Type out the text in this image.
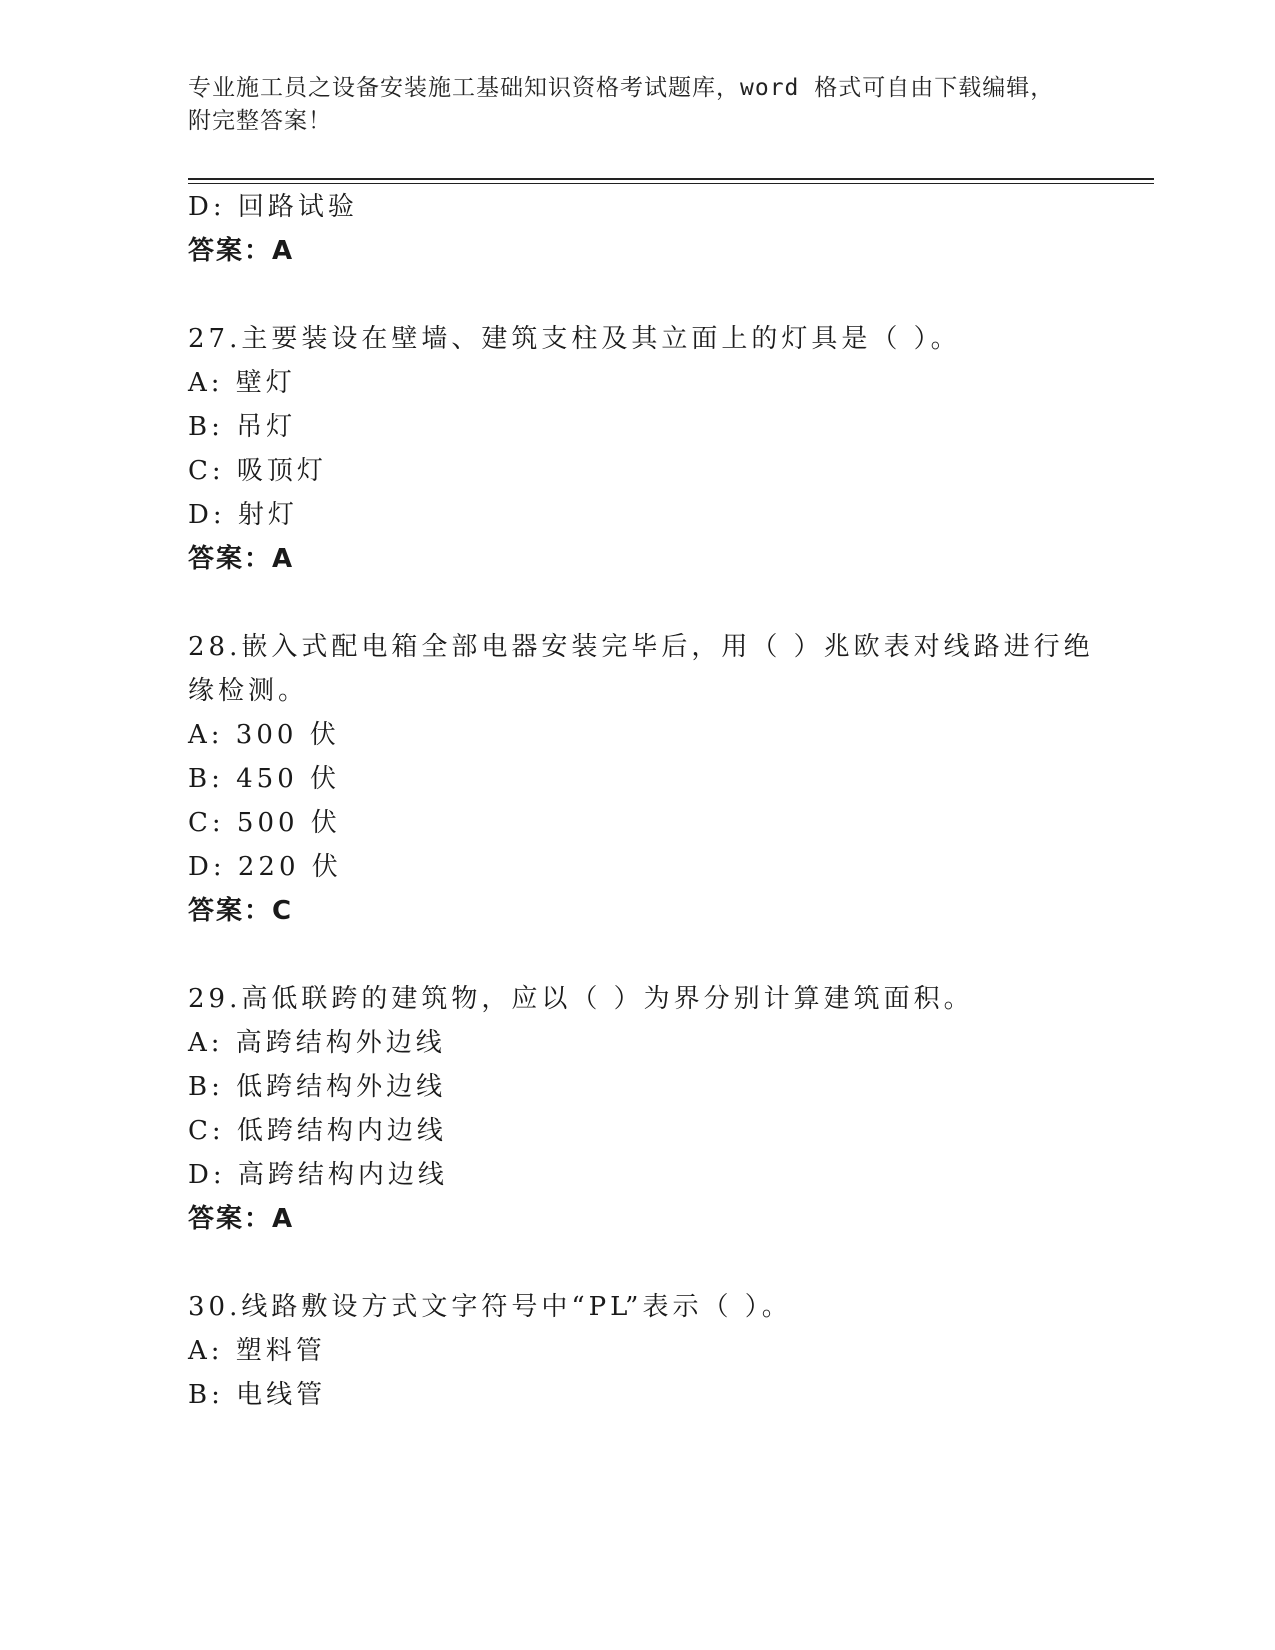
专业施工员之设备安装施工基础知识资格考试题库，word 格式可自由下载编辑，
附完整答案！
D: 回路试验
答案：A
27.主要装设在壁墙、建筑支柱及其立面上的灯具是（ ）。
A: 壁灯
B: 吊灯
C: 吸顶灯
D: 射灯
答案：A
28.嵌入式配电箱全部电器安装完毕后，用（ ）兆欧表对线路进行绝
缘检测。
A: 300 伏
B: 450 伏
C: 500 伏
D: 220 伏
答案：C
29.高低联跨的建筑物，应以（ ）为界分别计算建筑面积。
A: 高跨结构外边线
B: 低跨结构外边线
C: 低跨结构内边线
D: 高跨结构内边线
答案：A
30.线路敷设方式文字符号中“PL”表示（ ）。
A: 塑料管
B: 电线管
